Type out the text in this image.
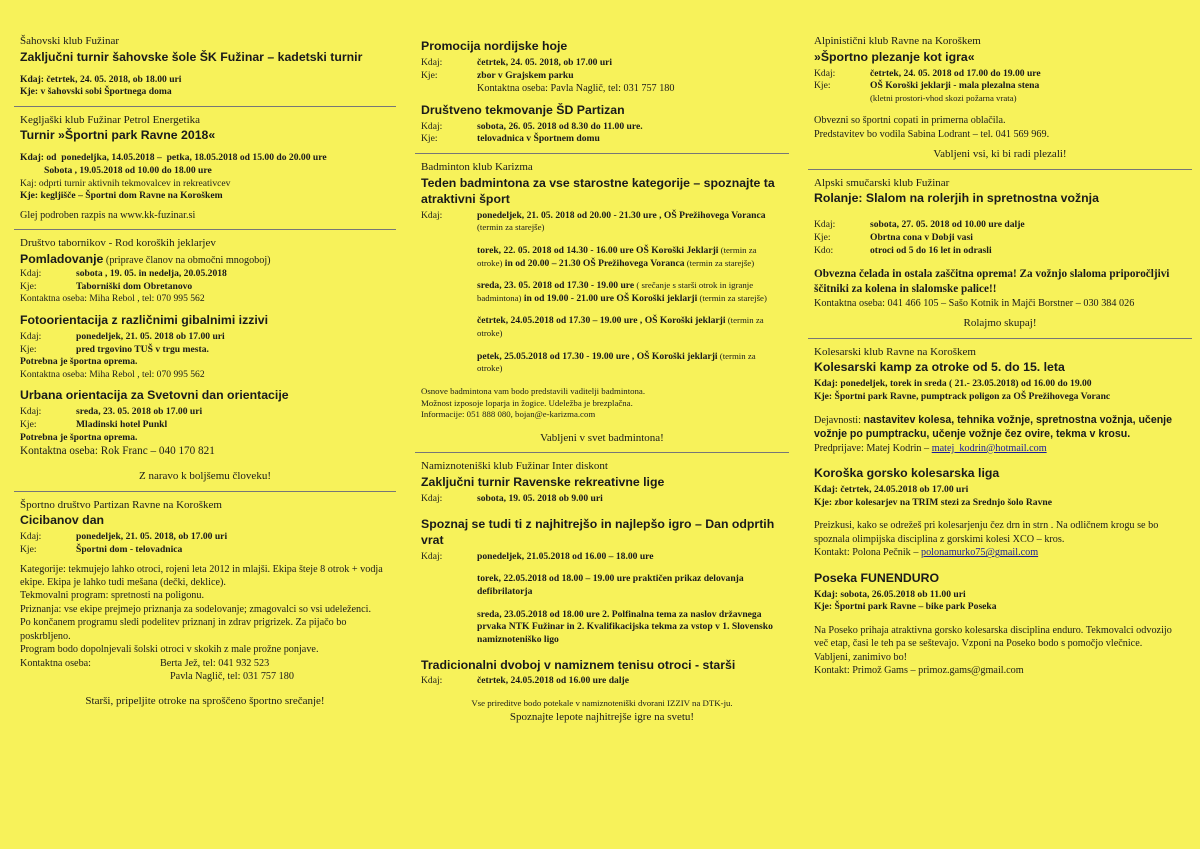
Šahovski klub Fužinar
Zaključni turnir šahovske šole ŠK Fužinar – kadetski turnir
Kdaj: četrtek, 24. 05. 2018, ob 18.00 uri
Kje: v šahovski sobi Športnega doma
Kegljaški klub Fužinar Petrol Energetika
Turnir »Športni park Ravne 2018«
Kdaj: od  ponedeljka, 14.05.2018 –  petka, 18.05.2018 od 15.00 do 20.00 ure
Sobota , 19.05.2018 od 10.00 do 18.00 ure
Kaj: odprti turnir aktivnih tekmovalcev in rekreativcev
Kje: kegljišče – Športni dom Ravne na Koroškem
Glej podroben razpis na www.kk-fuzinar.si
Društvo tabornikov - Rod koroških jeklarjev
Pomladovanje (priprave članov na območni mnogoboj)
Kdaj:	sobota , 19. 05. in nedelja, 20.05.2018
Kje:	Taborniški dom Obretanovo
Kontaktna oseba: Miha Rebol , tel: 070 995 562
Fotoorientacija z različnimi gibalnimi izzivi
Kdaj:	ponedeljek, 21. 05. 2018 ob 17.00 uri
Kje:	pred trgovino TUŠ v trgu mesta.
Potrebna je športna oprema.
Kontaktna oseba: Miha Rebol , tel: 070 995 562
Urbana orientacija za Svetovni dan orientacije
Kdaj:	sreda, 23. 05. 2018 ob 17.00 uri
Kje:	Mladinski hotel Punkl
Potrebna je športna oprema.
Kontaktna oseba: Rok Franc – 040 170 821
Z naravo k boljšemu človeku!
Športno društvo Partizan Ravne na Koroškem
Cicibanov dan
Kdaj:	ponedeljek, 21. 05. 2018, ob 17.00 uri
Kje:	Športni dom - telovadnica
Kategorije: tekmujejo lahko otroci, rojeni leta 2012 in mlajši. Ekipa šteje 8 otrok + vodja ekipe. Ekipa je lahko tudi mešana (dečki, deklice).
Tekmovalni program: spretnosti na poligonu.
Priznanja: vse ekipe prejmejo priznanja za sodelovanje; zmagovalci so vsi udeleženci.
Po končanem programu sledi podelitev priznanj in zdrav prigrizek. Za pijačo bo poskrbljeno.
Program bodo dopolnjevali šolski otroci v skokih z male prožne ponjave.
Kontaktna oseba:	Berta Jež, tel: 041 932 523
Pavla Naglič, tel: 031 757 180
Starši, pripeljite otroke na sproščeno športno srečanje!
Promocija nordijske hoje
Kdaj:	četrtek, 24. 05. 2018, ob 17.00 uri
Kje:	zbor v Grajskem parku
Kontaktna oseba: Pavla Naglič, tel: 031 757 180
Društveno tekmovanje ŠD Partizan
Kdaj:	sobota, 26. 05. 2018 od 8.30 do 11.00 ure.
Kje:	telovadnica v Športnem domu
Badminton klub Karizma
Teden badmintona za vse starostne kategorije – spoznajte ta atraktivni šport
Kdaj:	ponedeljek, 21. 05. 2018 od 20.00 - 21.30 ure , OŠ Prežihovega Voranca (termin za starejše)
torek, 22. 05. 2018 od 14.30 - 16.00 ure OŠ Koroški Jeklarji (termin za otroke) in od 20.00 – 21.30 OŠ Prežihovega Voranca (termin za starejše)
sreda, 23. 05. 2018 od 17.30 - 19.00 ure ( srečanje s starši otrok in igranje badmintona) in od 19.00 - 21.00 ure OŠ Koroški jeklarji (termin za starejše)
četrtek, 24.05.2018 od 17.30 – 19.00 ure , OŠ Koroški jeklarji (termin za otroke)
petek, 25.05.2018 od 17.30 - 19.00 ure , OŠ Koroški jeklarji (termin za otroke)
Osnove badmintona vam bodo predstavili vaditelji badmintona.
Možnost izposoje loparja in žogice. Udeležba je brezplačna.
Informacije: 051 888 080, bojan@e-karizma.com
Vabljeni v svet badmintona!
Namiznoteniški klub Fužinar Inter diskont
Zaključni turnir Ravenske rekreativne lige
Kdaj:	sobota, 19. 05. 2018 ob 9.00 uri
Spoznaj se tudi ti z najhitrejšo in najlepšo igro – Dan odprtih vrat
Kdaj:	ponedeljek, 21.05.2018 od 16.00 – 18.00 ure
torek, 22.05.2018 od 18.00 – 19.00 ure praktičen prikaz delovanja defibrilatorja
sreda, 23.05.2018 od 18.00 ure 2. Polfinalna tema za naslov državnega prvaka NTK Fužinar in 2. Kvalifikacijska tekma za vstop v 1. Slovensko namiznoteniško ligo
Tradicionalni dvoboj v namiznem tenisu otroci - starši
Kdaj:	četrtek, 24.05.2018 od 16.00 ure dalje
Vse prireditve bodo potekale v namiznoteniški dvorani IZZIV na DTK-ju.
Spoznajte lepote najhitrejše igre na svetu!
Alpinistični klub Ravne na Koroškem
»Športno plezanje kot igra«
Kdaj:	četrtek, 24. 05. 2018 od 17.00 do 19.00 ure
Kje:	OŠ Koroški jeklarji - mala plezalna stena
(kletni prostori-vhod skozi požarna vrata)
Obvezni so športni copati in primerna oblačila.
Predstavitev bo vodila Sabina Lodrant – tel. 041 569 969.
Vabljeni vsi, ki bi radi plezali!
Alpski smučarski klub Fužinar
Rolanje: Slalom na rolerjih in spretnostna vožnja
Kdaj:	sobota, 27. 05. 2018 od 10.00 ure dalje
Kje:	Obrtna cona v Dobji vasi
Kdo:	otroci od 5 do 16 let in odrasli
Obvezna čelada in ostala zaščitna oprema! Za vožnjo slaloma priporočljivi ščitniki za kolena in slalomske palice!!
Kontaktna oseba: 041 466 105 – Sašo Kotnik in Majči Borstner – 030 384 026
Rolajmo skupaj!
Kolesarski klub Ravne na Koroškem
Kolesarski kamp za otroke od 5. do 15. leta
Kdaj: ponedeljek, torek in sreda ( 21.- 23.05.2018) od 16.00 do 19.00
Kje: Športni park Ravne, pumptrack poligon za OŠ Prežihovega Voranc
Dejavnosti: nastavitev kolesa, tehnika vožnje, spretnostna vožnja, učenje vožnje po pumptracku, učenje vožnje čez ovire, tekma v krosu.
Predprijave: Matej Kodrin – matej_kodrin@hotmail.com
Koroška gorsko kolesarska liga
Kdaj: četrtek, 24.05.2018 ob 17.00 uri
Kje: zbor kolesarjev na TRIM stezi za Srednjo šolo Ravne
Preizkusi, kako se odrežeš pri kolesarjenju čez drn in strn . Na odličnem krogu se bo spoznala olimpijska disciplina z gorskimi kolesi XCO – kros.
Kontakt: Polona Pečnik – polonamurko75@gmail.com
Poseka FUNENDURO
Kdaj: sobota, 26.05.2018 ob 11.00 uri
Kje: Športni park Ravne – bike park Poseka
Na Poseko prihaja atraktivna gorsko kolesarska disciplina enduro. Tekmovalci odvozijo več etap, časi le teh pa se seštevajo. Vzponi na Poseko bodo s pomočjo vlečnice.
Vabljeni, zanimivo bo!
Kontakt: Primož Gams – primoz.gams@gmail.com
